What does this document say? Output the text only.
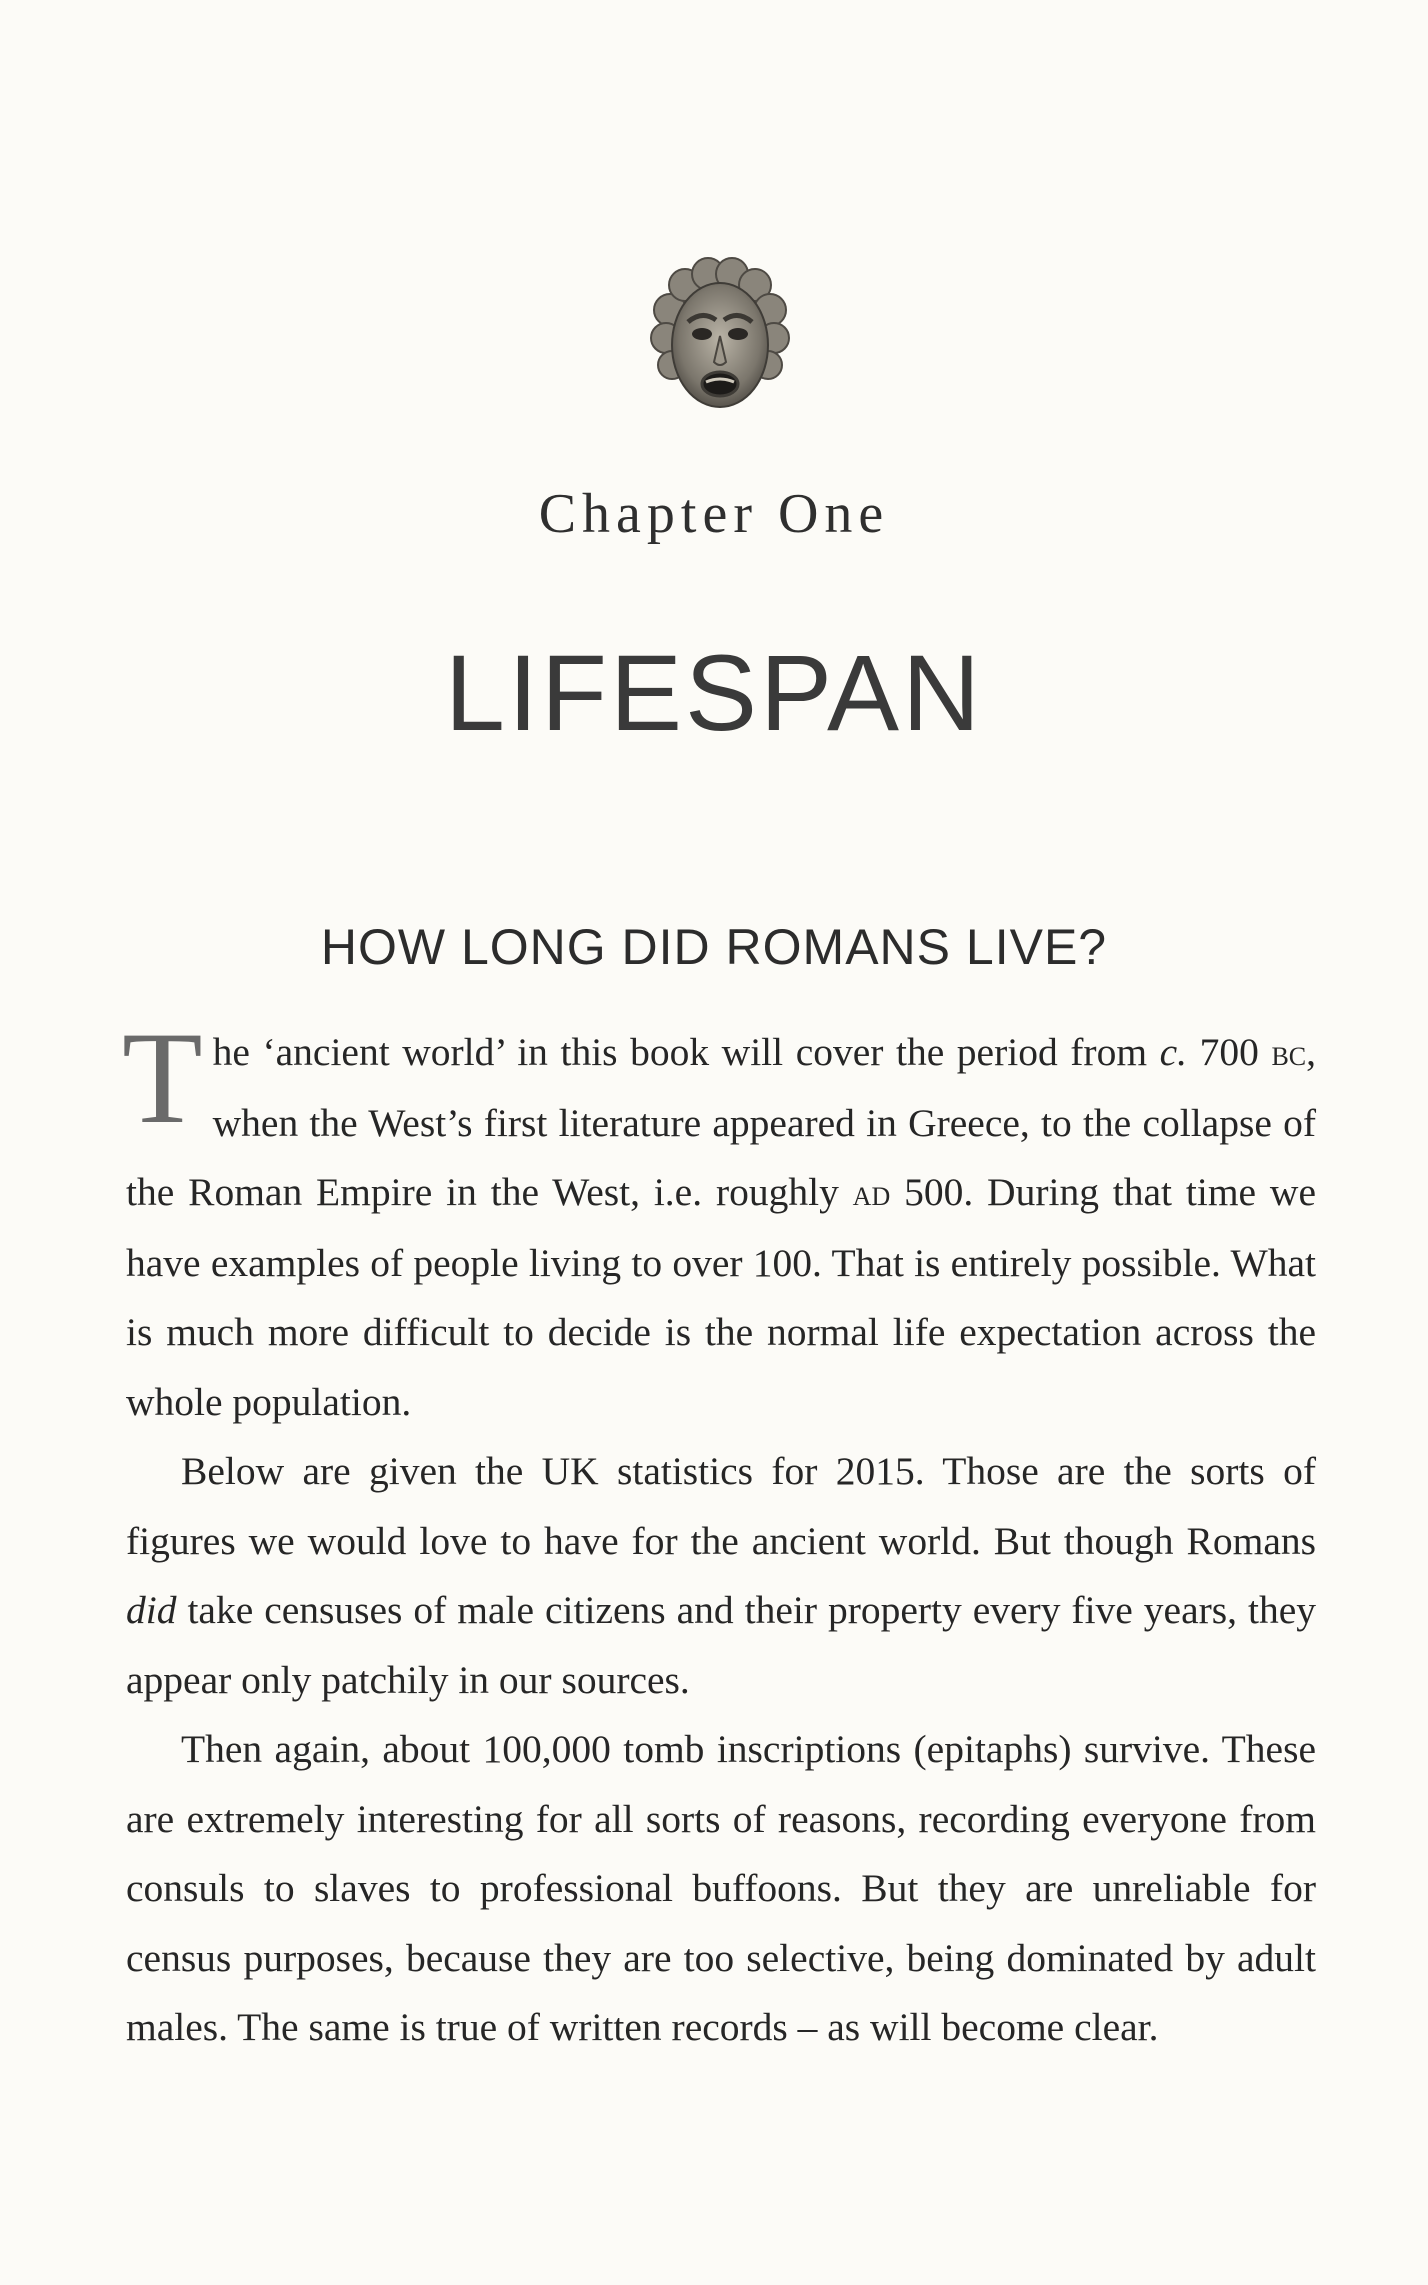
Chapter One
LIFESPAN
HOW LONG DID ROMANS LIVE?

The ‘ancient world’ in this book will cover the period from c. 700 bc, when the West’s first literature appeared in Greece, to the collapse of the Roman Empire in the West, i.e. roughly ad 500. During that time we have examples of people living to over 100. That is entirely possible. What is much more difficult to decide is the normal life expectation across the whole population.

Below are given the UK statistics for 2015. Those are the sorts of figures we would love to have for the ancient world. But though Romans did take censuses of male citizens and their property every five years, they appear only patchily in our sources.

Then again, about 100,000 tomb inscriptions (epitaphs) survive. These are extremely interesting for all sorts of reasons, recording everyone from consuls to slaves to professional buffoons. But they are unreliable for census purposes, because they are too selective, being dominated by adult males. The same is true of written records – as will become clear.
